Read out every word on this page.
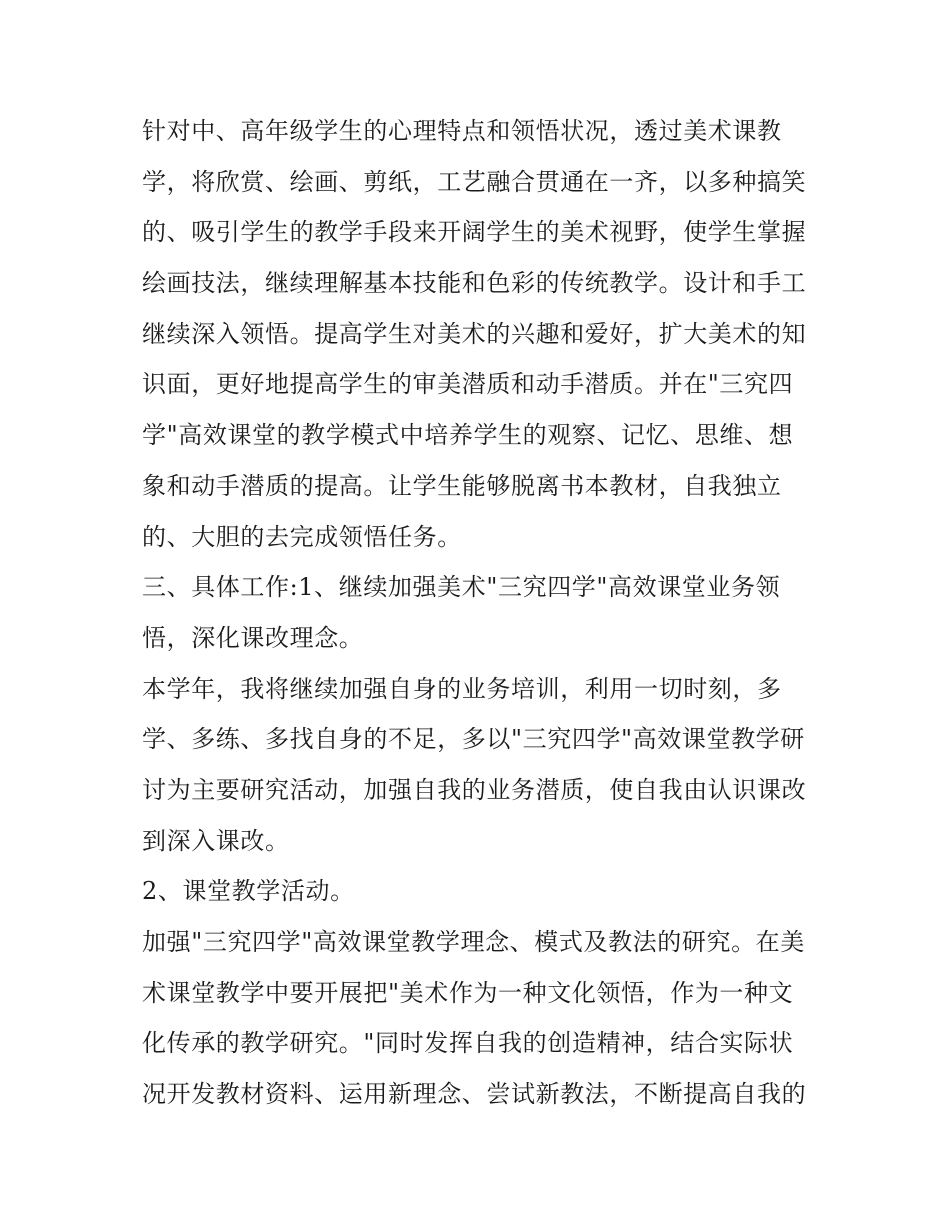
针对中、高年级学生的心理特点和领悟状况，透过美术课教
学，将欣赏、绘画、剪纸，工艺融合贯通在一齐，以多种搞笑
的、吸引学生的教学手段来开阔学生的美术视野，使学生掌握
绘画技法，继续理解基本技能和色彩的传统教学。设计和手工
继续深入领悟。提高学生对美术的兴趣和爱好，扩大美术的知
识面，更好地提高学生的审美潜质和动手潜质。并在"三究四
学"高效课堂的教学模式中培养学生的观察、记忆、思维、想
象和动手潜质的提高。让学生能够脱离书本教材，自我独立
的、大胆的去完成领悟任务。
三、具体工作:1、继续加强美术"三究四学"高效课堂业务领
悟，深化课改理念。
本学年，我将继续加强自身的业务培训，利用一切时刻，多
学、多练、多找自身的不足，多以"三究四学"高效课堂教学研
讨为主要研究活动，加强自我的业务潜质，使自我由认识课改
到深入课改。
2、课堂教学活动。
加强"三究四学"高效课堂教学理念、模式及教法的研究。在美
术课堂教学中要开展把"美术作为一种文化领悟，作为一种文
化传承的教学研究。"同时发挥自我的创造精神，结合实际状
况开发教材资料、运用新理念、尝试新教法，不断提高自我的
